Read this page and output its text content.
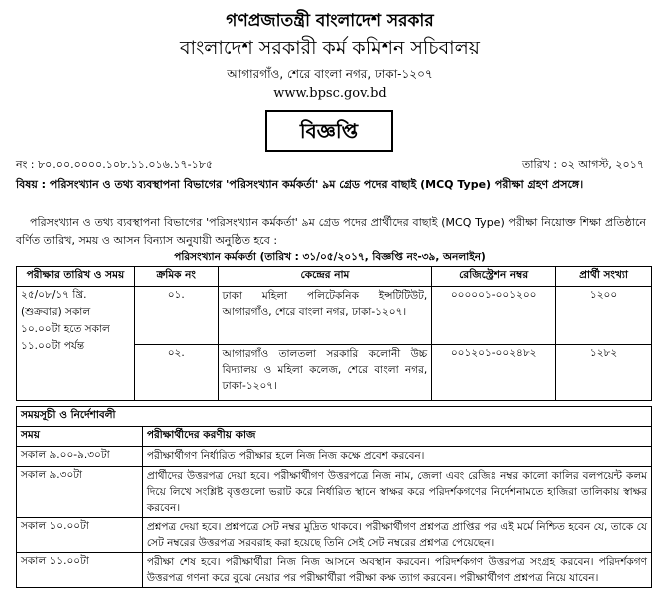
গণপ্রজাতন্ত্রী বাংলাদেশ সরকার
বাংলাদেশ সরকারী কর্ম কমিশন সচিবালয়
আগারগাঁও, শেরে বাংলা নগর, ঢাকা-১২০৭
www.bpsc.gov.bd
বিজ্ঞপ্তি
নং : ৮০.০০.০০০০.১০৮.১১.০১৬.১৭-১৮৫	তারিখ : ০২ আগস্ট, ২০১৭
বিষয় : পরিসংখ্যান ও তথ্য ব্যবস্থাপনা বিভাগের 'পরিসংখ্যান কর্মকর্তা' ৯ম গ্রেড পদের বাছাই (MCQ Type) পরীক্ষা গ্রহণ প্রসঙ্গে।
পরিসংখ্যান ও তথ্য ব্যবস্থাপনা বিভাগের 'পরিসংখ্যান কর্মকর্তা' ৯ম গ্রেড পদের প্রার্থীদের বাছাই (MCQ Type) পরীক্ষা নিয়োক্ত শিক্ষা প্রতিষ্ঠানে বর্ণিত তারিখ, সময় ও আসন বিন্যাস অনুযায়ী অনুষ্ঠিত হবে :
পরিসংখ্যান কর্মকর্তা (তারিখ : ৩১/০৫/২০১৭, বিজ্ঞপ্তি নং-৩৯, অনলাইন)
পরীক্ষার তারিখ ও সময়	ক্রমিক নং	কেন্দ্রের নাম	রেজিস্ট্রেশন নম্বর	প্রার্থী সংখ্যা
২৫/০৮/১৭ খ্রি. (শুক্রবার) সকাল ১০.০০টা হতে সকাল ১১.০০টা পর্যন্ত	০১.	ঢাকা মহিলা পলিটেকনিক ইন্সটিটিউট, আগারগাঁও, শেরে বাংলা নগর, ঢাকা-১২০৭।	০০০০০১-০০১২০০	১২০০
	০২.	আগারগাঁও তালতলা সরকারি কলোনী উচ্চ বিদ্যালয় ও মহিলা কলেজ, শেরে বাংলা নগর, ঢাকা-১২০৭।	০০১২০১-০০২৪৮২	১২৮২
সময়সূচী ও নির্দেশাবলী	
সময়	পরীক্ষার্থীদের করণীয় কাজ
সকাল ৯.০০-৯.৩০টা	পরীক্ষার্থীগণ নির্ধারিত পরীক্ষার হলে নিজ নিজ কক্ষে প্রবেশ করবেন।
সকাল ৯.৩০টা	প্রার্থীদের উত্তরপত্র দেয়া হবে। পরীক্ষার্থীগণ উত্তরপত্রে নিজ নাম, জেলা এবং রেজিঃ নম্বর কালো কালির বলপয়েন্ট কলম দিয়ে লিখে সংশ্লিষ্ট বৃত্তগুলো ভরাট করে নির্ধারিত স্থানে স্বাক্ষর করে পরিদর্শকগণের নির্দেশনামতে হাজিরা তালিকায় স্বাক্ষর করবেন।
সকাল ১০.০০টা	প্রশ্নপত্র দেয়া হবে। প্রশ্নপত্রে সেট নম্বর মুদ্রিত থাকবে। পরীক্ষার্থীগণ প্রশ্নপত্র প্রাপ্তির পর এই মর্মে নিশ্চিত হবেন যে, তাকে যে সেট নম্বরের উত্তরপত্র সরবরাহ করা হয়েছে তিনি সেই সেট নম্বরের প্রশ্নপত্র পেয়েছেন।
সকাল ১১.০০টা	পরীক্ষা শেষ হবে। পরীক্ষার্থীরা নিজ নিজ আসনে অবস্থান করবেন। পরিদর্শকগণ উত্তরপত্র সংগ্রহ করবেন। পরিদর্শকগণ উত্তরপত্র গণনা করে বুঝে নেয়ার পর পরীক্ষার্থীরা পরীক্ষা কক্ষ ত্যাগ করবেন। পরীক্ষার্থীগণ প্রশ্নপত্র নিয়ে যাবেন।
